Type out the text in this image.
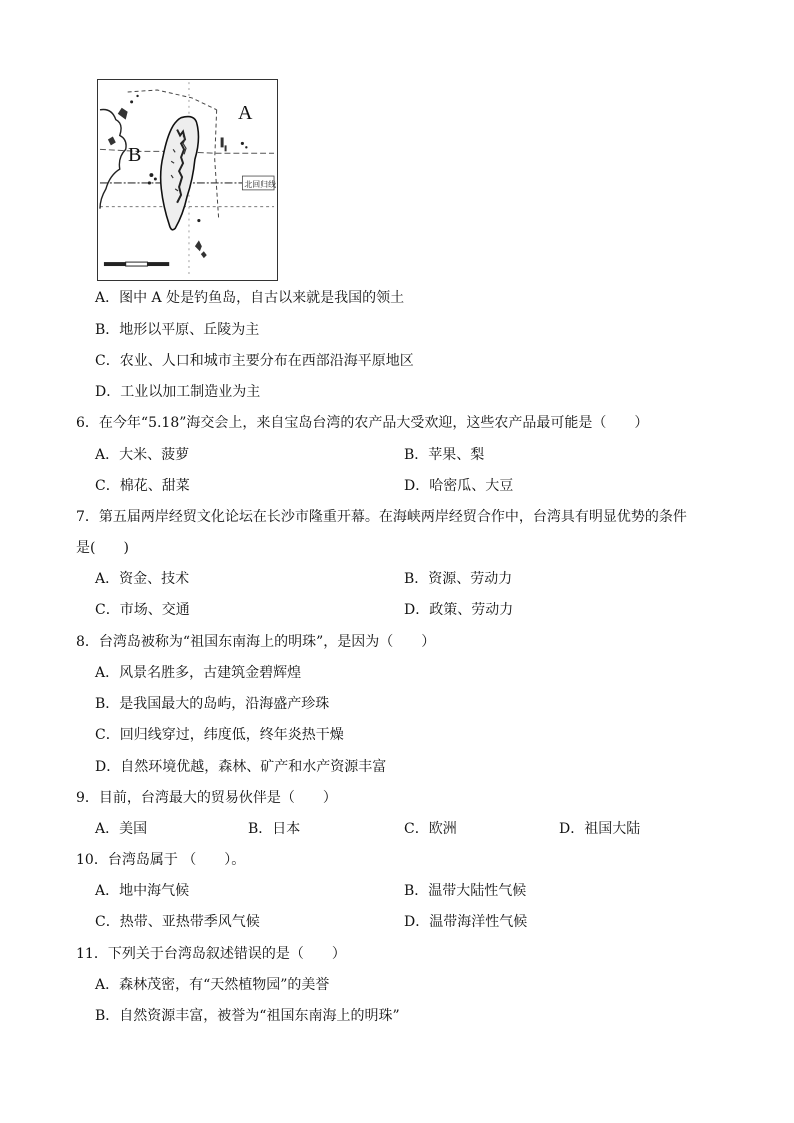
北回归线
A
B
A．图中 A 处是钓鱼岛，自古以来就是我国的领土
B．地形以平原、丘陵为主
C．农业、人口和城市主要分布在西部沿海平原地区
D．工业以加工制造业为主
6．在今年“5.18”海交会上，来自宝岛台湾的农产品大受欢迎，这些农产品最可能是（　　）
A．大米、菠萝	B．苹果、梨
C．棉花、甜菜	D．哈密瓜、大豆
7．第五届两岸经贸文化论坛在长沙市隆重开幕。在海峡两岸经贸合作中，台湾具有明显优势的条件
是(　　)
A．资金、技术	B．资源、劳动力
C．市场、交通	D．政策、劳动力
8．台湾岛被称为“祖国东南海上的明珠”，是因为（　　）
A．风景名胜多，古建筑金碧辉煌
B．是我国最大的岛屿，沿海盛产珍珠
C．回归线穿过，纬度低，终年炎热干燥
D．自然环境优越，森林、矿产和水产资源丰富
9．目前，台湾最大的贸易伙伴是（　　）
A．美国	B．日本	C．欧洲	D．祖国大陆
10．台湾岛属于 （　　）。
A．地中海气候	B．温带大陆性气候
C．热带、亚热带季风气候	D．温带海洋性气候
11．下列关于台湾岛叙述错误的是（　　）
A．森林茂密，有“天然植物园”的美誉
B．自然资源丰富，被誉为“祖国东南海上的明珠”
